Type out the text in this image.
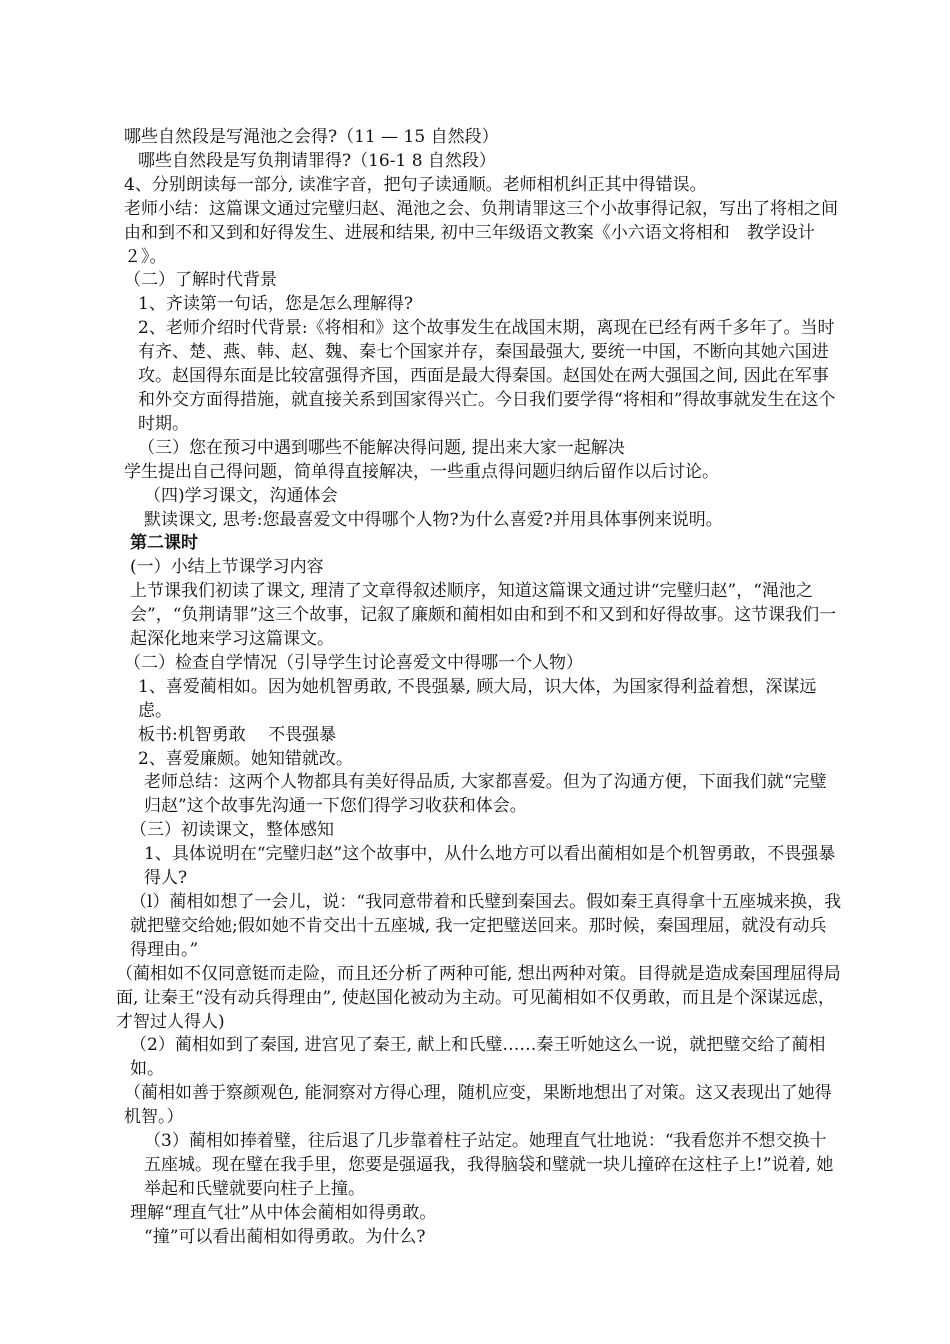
哪些自然段是写渑池之会得?（11 — 15 自然段）

哪些自然段是写负荆请罪得?（16-1 8 自然段）

4、分别朗读每一部分, 读准字音，把句子读通顺。老师相机纠正其中得错误。

老师小结：这篇课文通过完璧归赵、渑池之会、负荆请罪这三个小故事得记叙，写出了将相之间由和到不和又到和好得发生、进展和结果, 初中三年级语文教案《小六语文将相和　教学设计２》。

（二）了解时代背景

1、齐读第一句话，您是怎么理解得?

2、老师介绍时代背景:《将相和》这个故事发生在战国末期，离现在已经有两千多年了。当时有齐、楚、燕、韩、赵、魏、秦七个国家并存，秦国最强大, 要统一中国，不断向其她六国进攻。赵国得东面是比较富强得齐国，西面是最大得秦国。赵国处在两大强国之间, 因此在军事和外交方面得措施，就直接关系到国家得兴亡。今日我们要学得“将相和”得故事就发生在这个时期。

（三）您在预习中遇到哪些不能解决得问题, 提出来大家一起解决

学生提出自己得问题，简单得直接解决，一些重点得问题归纳后留作以后讨论。

（四)学习课文，沟通体会

默读课文, 思考:您最喜爱文中得哪个人物?为什么喜爱?并用具体事例来说明。

第二课时

(一）小结上节课学习内容

上节课我们初读了课文, 理清了文章得叙述顺序，知道这篇课文通过讲“完璧归赵”，“渑池之会”，“负荆请罪”这三个故事，记叙了廉颇和蔺相如由和到不和又到和好得故事。这节课我们一起深化地来学习这篇课文。

（二）检查自学情况（引导学生讨论喜爱文中得哪一个人物）

1、喜爱蔺相如。因为她机智勇敢, 不畏强暴, 顾大局，识大体，为国家得利益着想，深谋远虑。

板书:机智勇敢　 不畏强暴

2、喜爱廉颇。她知错就改。

老师总结：这两个人物都具有美好得品质, 大家都喜爱。但为了沟通方便，下面我们就“完璧归赵”这个故事先沟通一下您们得学习收获和体会。

（三）初读课文，整体感知

1、具体说明在“完璧归赵”这个故事中，从什么地方可以看出蔺相如是个机智勇敢，不畏强暴得人?

（l）蔺相如想了一会儿，说：“我同意带着和氏璧到秦国去。假如秦王真得拿十五座城来换，我就把璧交给她;假如她不肯交出十五座城, 我一定把璧送回来。那时候，秦国理屈，就没有动兵得理由。”

（蔺相如不仅同意铤而走险，而且还分析了两种可能, 想出两种对策。目得就是造成秦国理屈得局面, 让秦王“没有动兵得理由”, 使赵国化被动为主动。可见蔺相如不仅勇敢，而且是个深谋远虑，才智过人得人)

（2）蔺相如到了秦国, 进宫见了秦王, 献上和氏璧……秦王听她这么一说，就把璧交给了蔺相如。

（蔺相如善于察颜观色, 能洞察对方得心理，随机应变，果断地想出了对策。这又表现出了她得机智。）

（3）蔺相如捧着璧，往后退了几步靠着柱子站定。她理直气壮地说：“我看您并不想交换十五座城。现在璧在我手里，您要是强逼我，我得脑袋和璧就一块儿撞碎在这柱子上!”说着, 她举起和氏璧就要向柱子上撞。

理解“理直气壮”从中体会蔺相如得勇敢。

“撞”可以看出蔺相如得勇敢。为什么?
